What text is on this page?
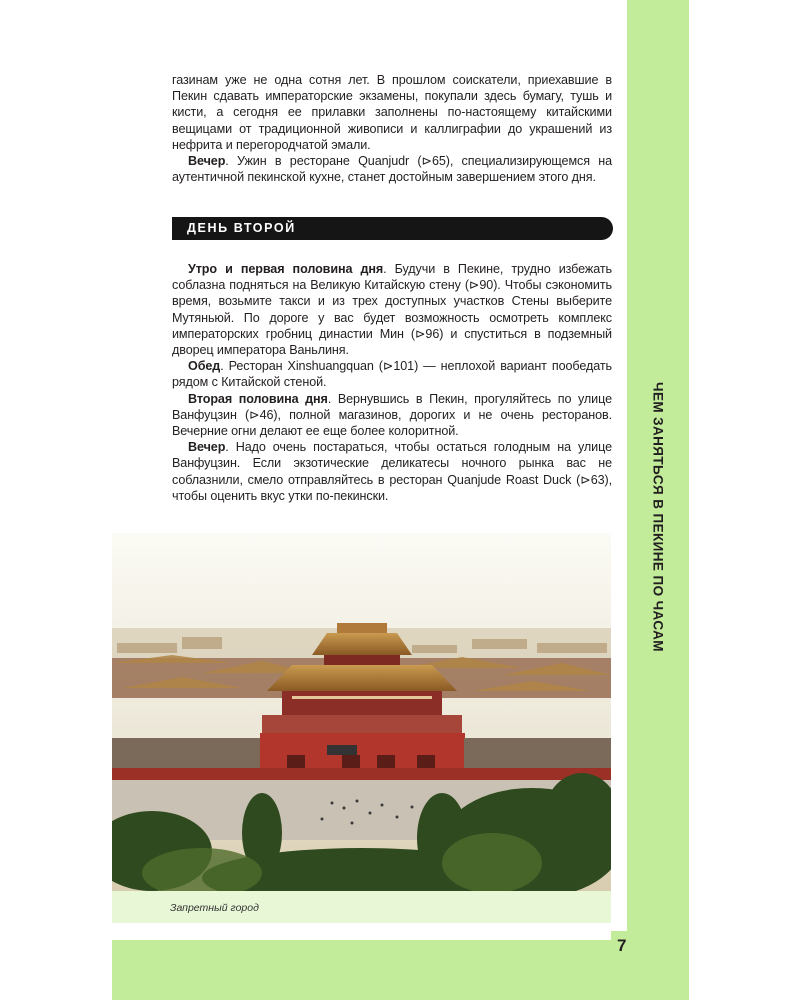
ЧЕМ ЗАНЯТЬСЯ В ПЕКИНЕ ПО ЧАСАМ
7

газинам уже не одна сотня лет. В прошлом соискатели, приехавшие в Пекин сдавать императорские экзамены, покупали здесь бумагу, тушь и кисти, а сегодня ее прилавки заполнены по-настоящему китайскими вещицами от традиционной живописи и каллиграфии до украшений из нефрита и перегородчатой эмали.

Вечер. Ужин в ресторане Quanjudr (⊳65), специализирующемся на аутентичной пекинской кухне, станет достойным завершением этого дня.

ДЕНЬ ВТОРОЙ

Утро и первая половина дня. Будучи в Пекине, трудно избежать соблазна подняться на Великую Китайскую стену (⊳90). Чтобы сэкономить время, возьмите такси и из трех доступных участков Стены выберите Мутяньюй. По дороге у вас будет возможность осмотреть комплекс императорских гробниц династии Мин (⊳96) и спуститься в подземный дворец императора Ваньлиня.

Обед. Ресторан Xinshuangquan (⊳101) — неплохой вариант пообедать рядом с Китайской стеной.

Вторая половина дня. Вернувшись в Пекин, прогуляйтесь по улице Ванфуцзин (⊳46), полной магазинов, дорогих и не очень ресторанов. Вечерние огни делают ее еще более колоритной.

Вечер. Надо очень постараться, чтобы остаться голодным на улице Ванфуцзин. Если экзотические деликатесы ночного рынка вас не соблазнили, смело отправляйтесь в ресторан Quanjude Roast Duck (⊳63), чтобы оценить вкус утки по-пекински.

Запретный город
